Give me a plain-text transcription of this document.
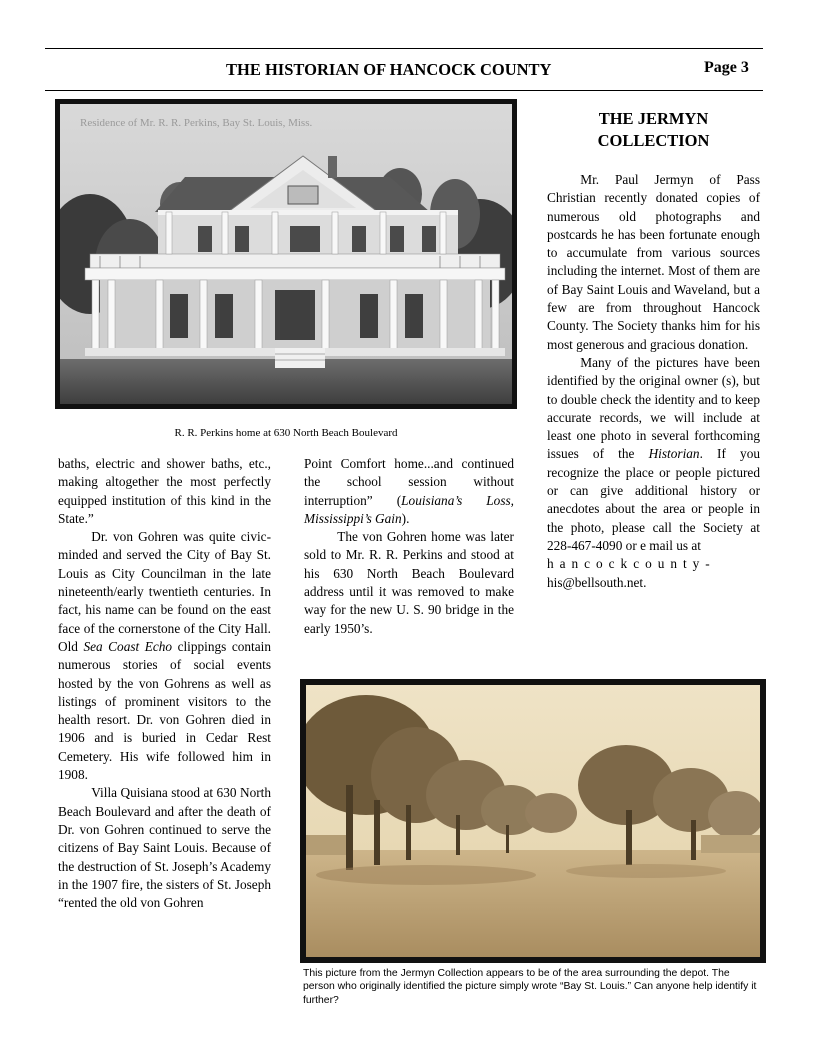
THE HISTORIAN OF HANCOCK COUNTY	Page 3
Residence of Mr. R. R. Perkins, Bay St. Louis, Miss.
R. R. Perkins home at 630 North Beach Boulevard

baths, electric and shower baths, etc., making altogether the most perfectly equipped institution of this kind in the State.”

Dr. von Gohren was quite civic-minded and served the City of Bay St. Louis as City Councilman in the late nineteenth/early twentieth centuries. In fact, his name can be found on the east face of the cornerstone of the City Hall. Old Sea Coast Echo clippings contain numerous stories of social events hosted by the von Gohrens as well as listings of prominent visitors to the health resort. Dr. von Gohren died in 1906 and is buried in Cedar Rest Cemetery. His wife followed him in 1908.

Villa Quisiana stood at 630 North Beach Boulevard and after the death of Dr. von Gohren continued to serve the citizens of Bay Saint Louis. Because of the destruction of St. Joseph’s Academy in the 1907 fire, the sisters of St. Joseph “rented the old von Gohren

Point Comfort home...and continued the school session without interruption” (Louisiana’s Loss, Mississippi’s Gain).

The von Gohren home was later sold to Mr. R. R. Perkins and stood at his 630 North Beach Boulevard address until it was removed to make way for the new U. S. 90 bridge in the early 1950’s.

THE JERMYN
COLLECTION

Mr. Paul Jermyn of Pass Christian recently donated copies of numerous old photographs and postcards he has been fortunate enough to accumulate from various sources including the internet. Most of them are of Bay Saint Louis and Waveland, but a few are from throughout Hancock County. The Society thanks him for his most generous and gracious donation.

Many of the pictures have been identified by the original owner (s), but to double check the identity and to keep accurate records, we will include at least one photo in several forthcoming issues of the Historian. If you recognize the place or people pictured or can give additional history or anecdotes about the area or people in the photo, please call the Society at 228-467-4090 or e mail us at

hancockcounty-
his@bellsouth.net.

This picture from the Jermyn Collection appears to be of the area surrounding the depot. The person who originally identified the picture simply wrote “Bay St. Louis.” Can anyone help identify it further?
